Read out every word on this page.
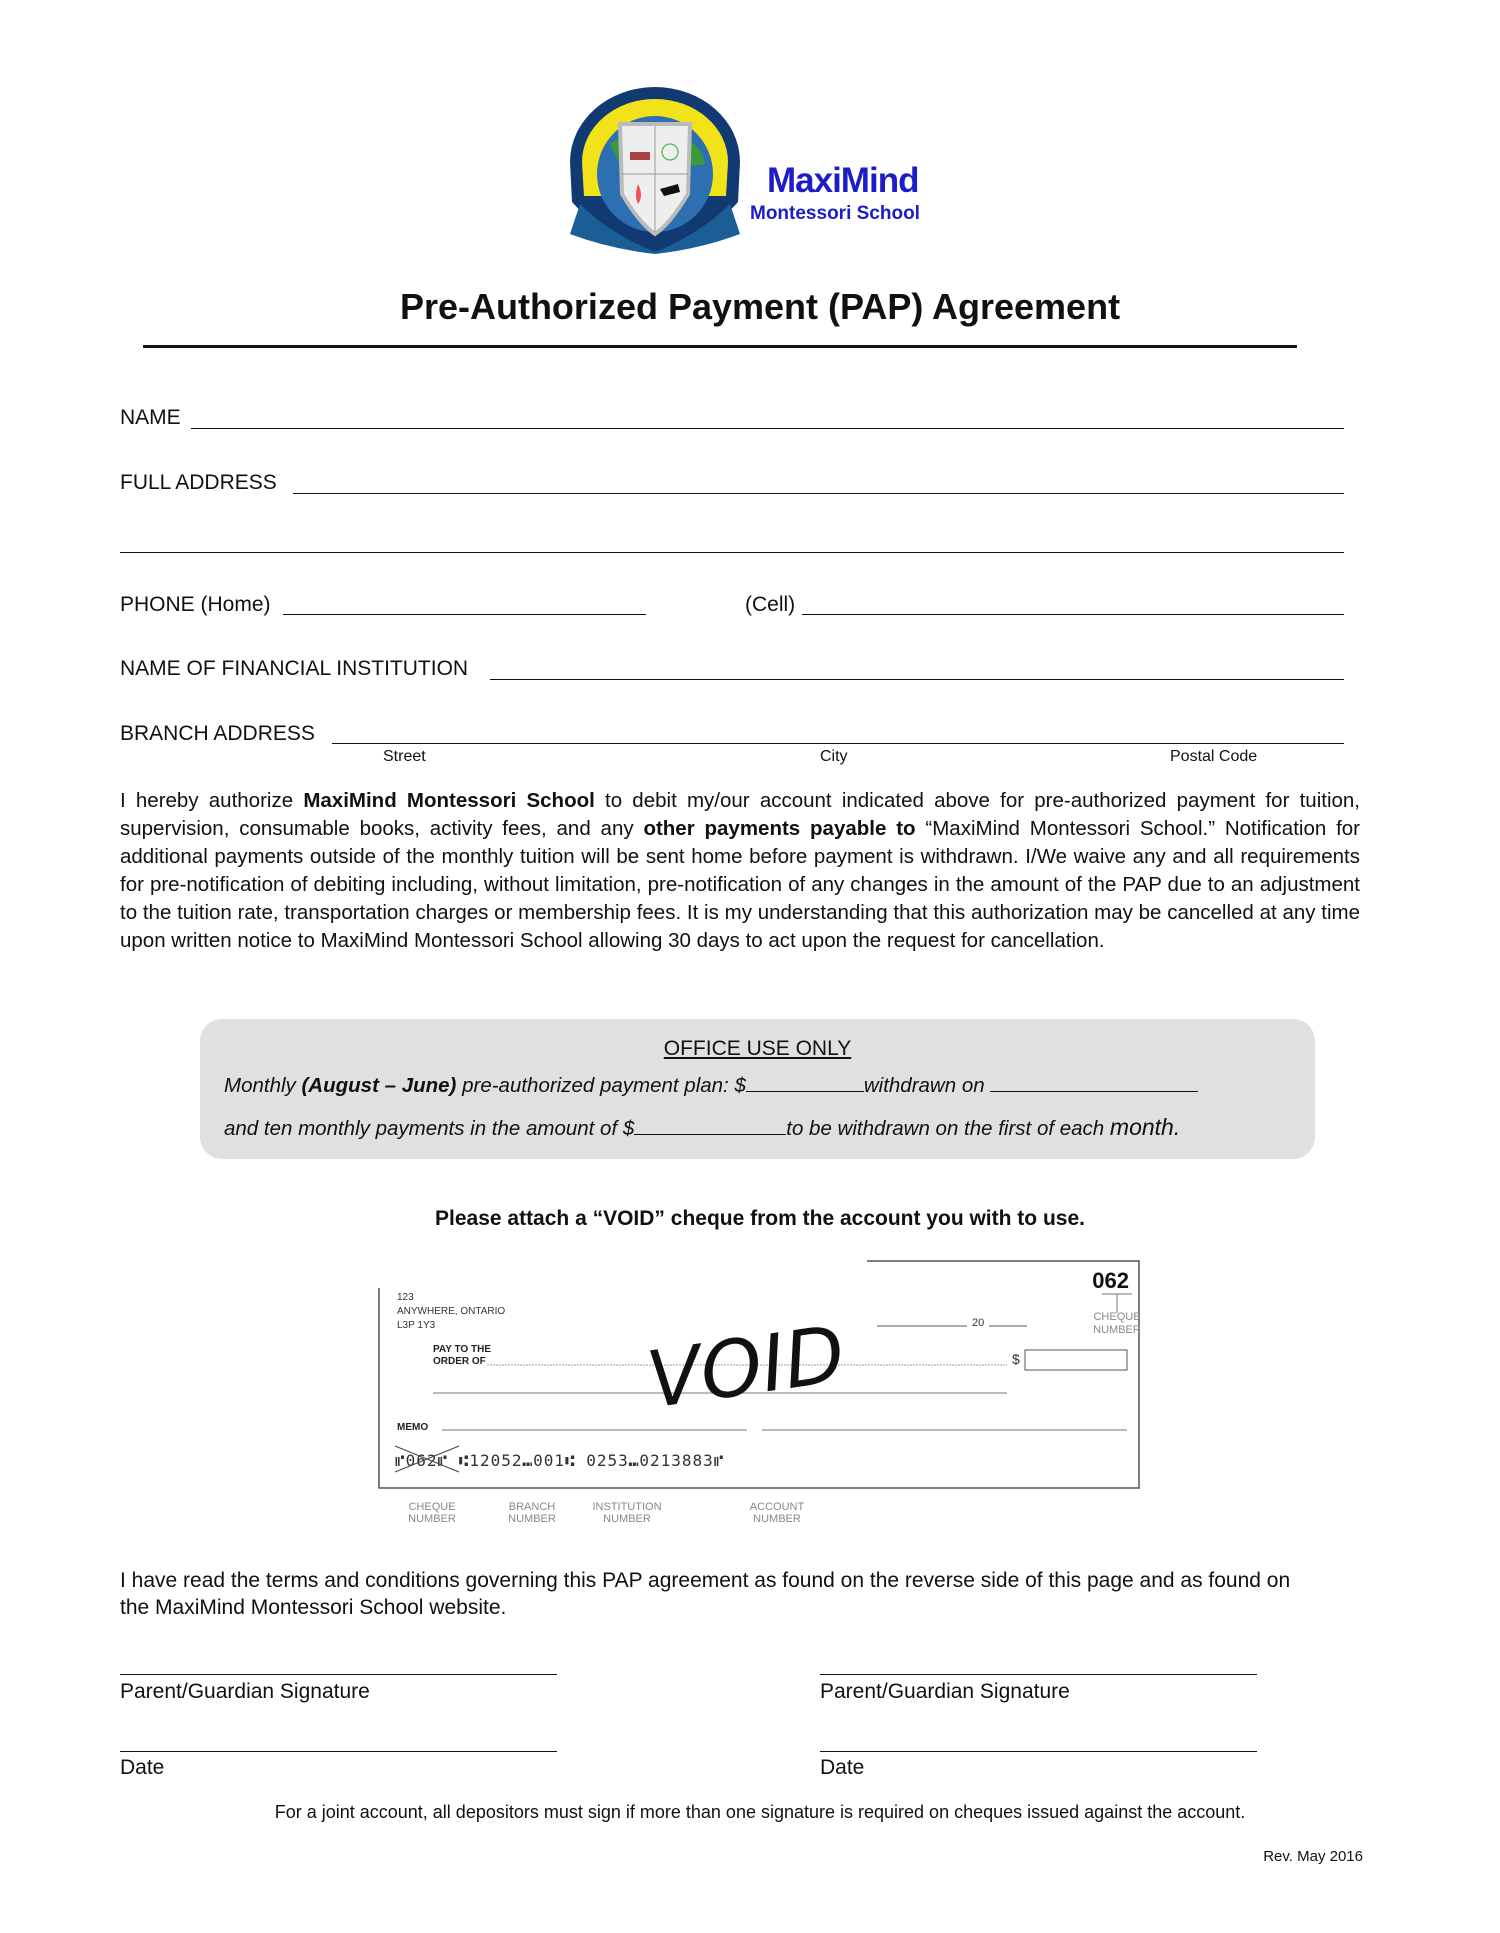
MaxiMind
Montessori School
Pre-Authorized Payment (PAP) Agreement
NAME
FULL ADDRESS
PHONE (Home)	(Cell)
NAME OF FINANCIAL INSTITUTION
BRANCH ADDRESS
Street	City	Postal Code
I hereby authorize MaxiMind Montessori School to debit my/our account indicated above for pre-authorized payment for tuition, supervision, consumable books, activity fees, and any other payments payable to “MaxiMind Montessori School.” Notification for additional payments outside of the monthly tuition will be sent home before payment is withdrawn. I/We waive any and all requirements for pre-notification of debiting including, without limitation, pre-notification of any changes in the amount of the PAP due to an adjustment to the tuition rate, transportation charges or membership fees. It is my understanding that this authorization may be cancelled at any time upon written notice to MaxiMind Montessori School allowing 30 days to act upon the request for cancellation.
OFFICE USE ONLY
Monthly (August – June) pre-authorized payment plan: $	withdrawn on
and ten monthly payments in the amount of $	to be withdrawn on the first of each month.
Please attach a “VOID” cheque from the account you with to use.
062
CHEQUE
NUMBER
123
ANYWHERE, ONTARIO
L3P 1Y3	20
PAY TO THE
ORDER OF	$
VOID
MEMO
⑈062⑈ ⑆12052⑉001⑆ 0253⑉0213883⑈
CHEQUE
NUMBER
BRANCH
NUMBER
INSTITUTION
NUMBER
ACCOUNT
NUMBER
I have read the terms and conditions governing this PAP agreement as found on the reverse side of this page and as found on
the MaxiMind Montessori School website.
Parent/Guardian Signature	Parent/Guardian Signature
Date	Date
For a joint account, all depositors must sign if more than one signature is required on cheques issued against the account.
Rev. May 2016
